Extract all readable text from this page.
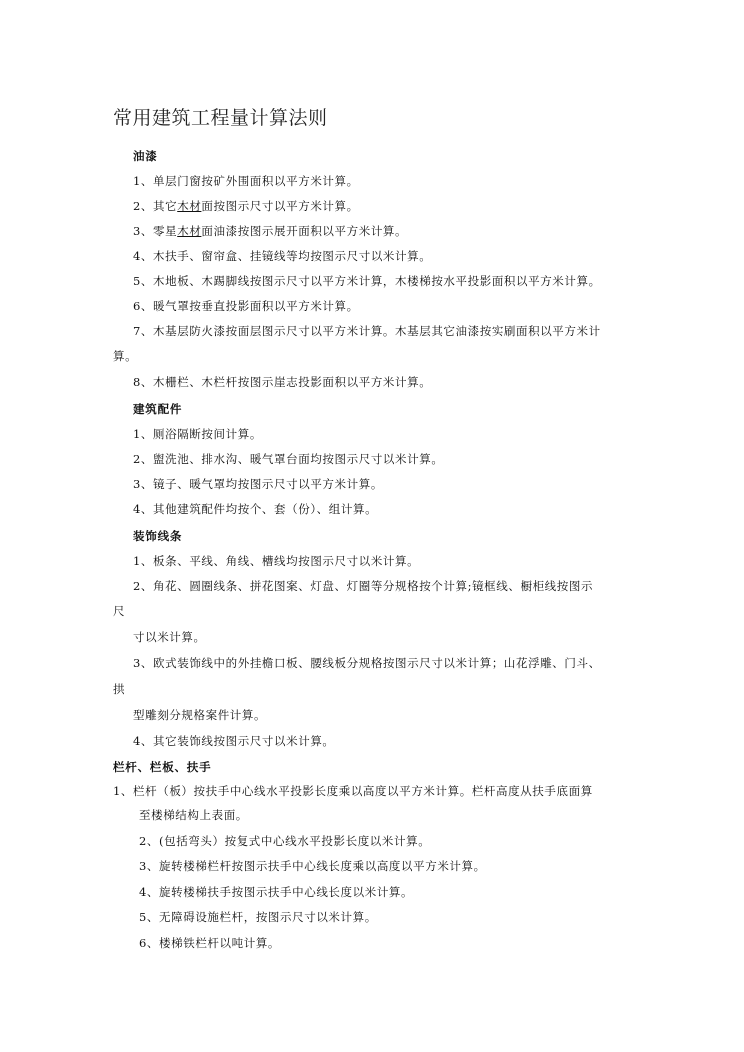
常用建筑工程量计算法则
油漆
1、单层门窗按矿外围面积以平方米计算。
2、其它木材面按图示尺寸以平方米计算。
3、零星木材面油漆按图示展开面积以平方米计算。
4、木扶手、窗帘盒、挂镜线等均按图示尺寸以米计算。
5、木地板、木踢脚线按图示尺寸以平方米计算，木楼梯按水平投影面积以平方米计算。
6、暖气罩按垂直投影面积以平方米计算。
7、木基层防火漆按面层图示尺寸以平方米计算。木基层其它油漆按实刷面积以平方米计
算。
8、木栅栏、木栏杆按图示崖志投影面积以平方米计算。
建筑配件
1、厕浴隔断按间计算。
2、盥洗池、排水沟、暖气罩台面均按图示尺寸以米计算。
3、镜子、暖气罩均按图示尺寸以平方米计算。
4、其他建筑配件均按个、套（份）、组计算。
装饰线条
1、板条、平线、角线、槽线均按图示尺寸以米计算。
2、角花、圆圈线条、拼花图案、灯盘、灯圈等分规格按个计算;镜框线、橱柜线按图示
尺
寸以米计算。
3、欧式装饰线中的外挂檐口板、腰线板分规格按图示尺寸以米计算；山花浮雕、门斗、
拱
型雕刻分规格案件计算。
4、其它装饰线按图示尺寸以米计算。
栏杆、栏板、扶手
1、栏杆（板）按扶手中心线水平投影长度乘以高度以平方米计算。栏杆高度从扶手底面算
至楼梯结构上表面。
2、(包括弯头）按复式中心线水平投影长度以米计算。
3、旋转楼梯栏杆按图示扶手中心线长度乘以高度以平方米计算。
4、旋转楼梯扶手按图示扶手中心线长度以米计算。
5、无障碍设施栏杆，按图示尺寸以米计算。
6、楼梯铁栏杆以吨计算。
